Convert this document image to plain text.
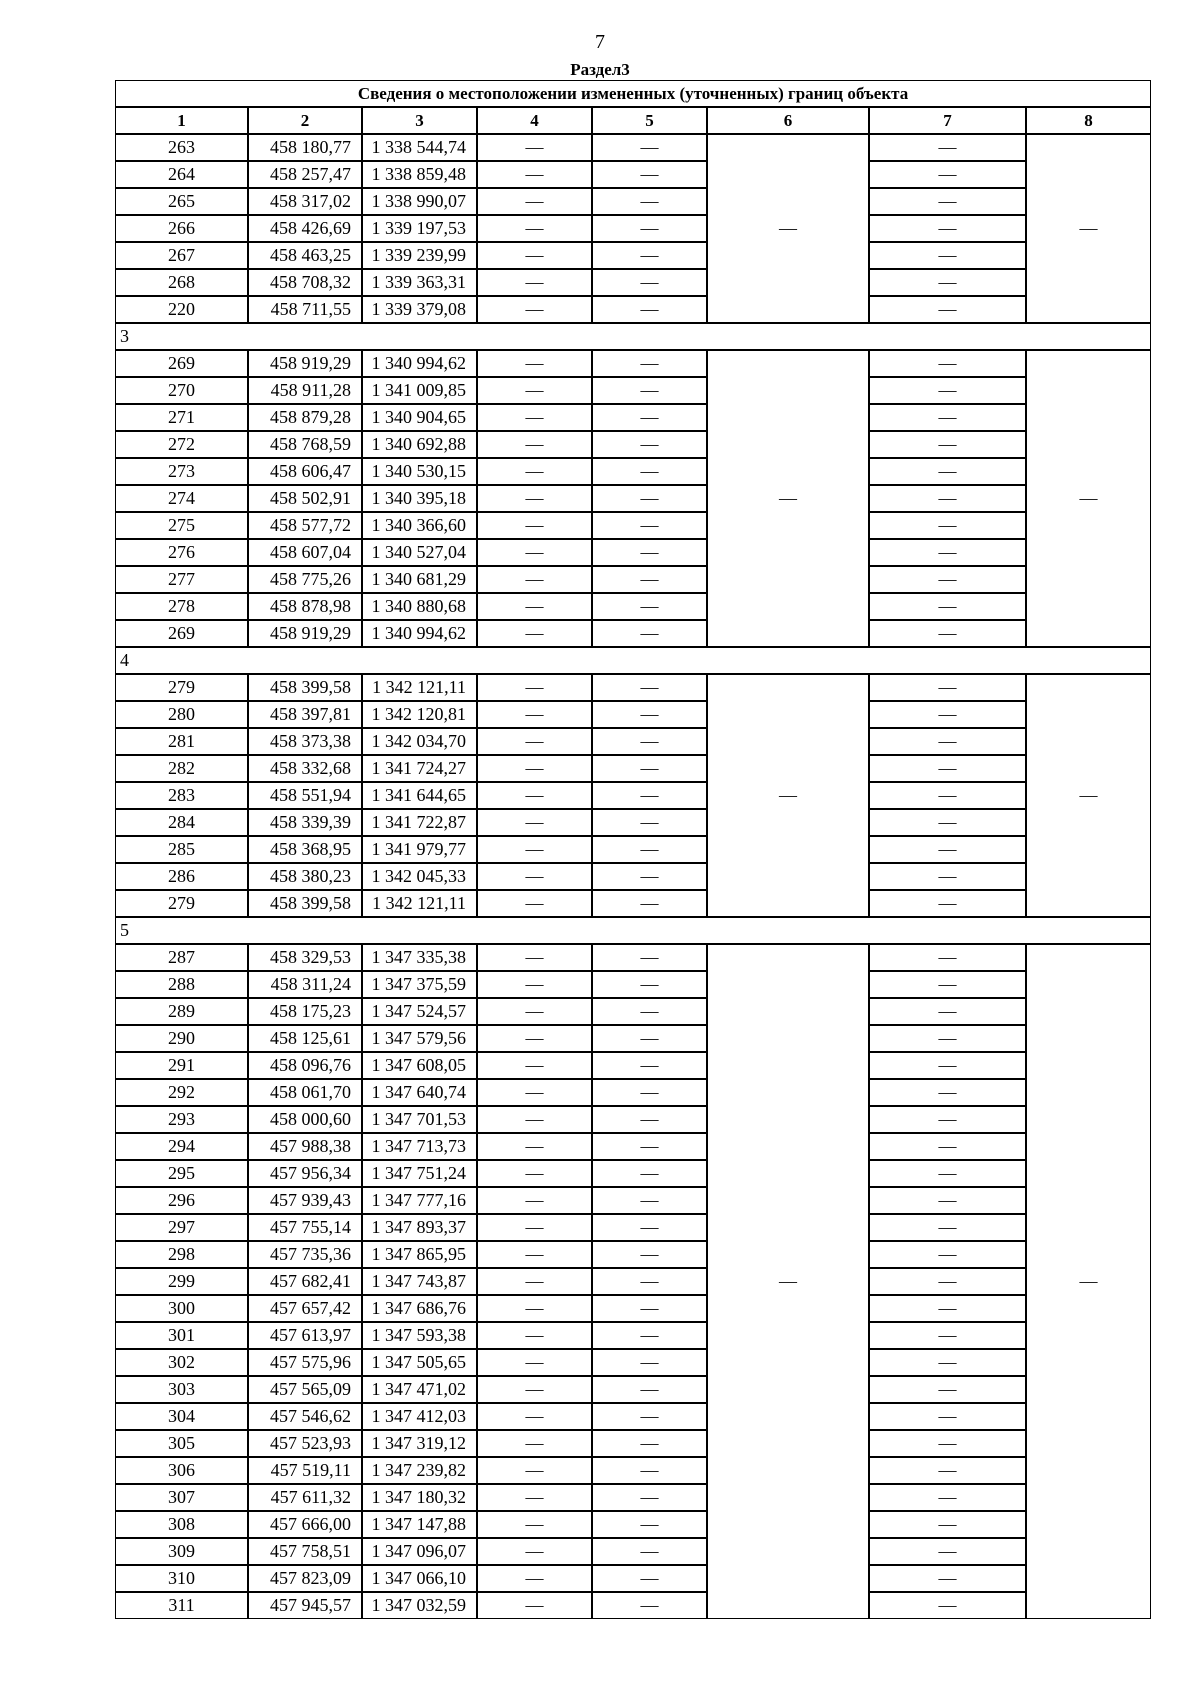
7
Раздел3
Сведения о местоположении измененных (уточненных) границ объекта							
1	2	3	4	5	6	7	8
263	458 180,77	1 338 544,74	—	—	—	—	—
264	458 257,47	1 338 859,48	—	—		—	
265	458 317,02	1 338 990,07	—	—		—	
266	458 426,69	1 339 197,53	—	—		—	
267	458 463,25	1 339 239,99	—	—		—	
268	458 708,32	1 339 363,31	—	—		—	
220	458 711,55	1 339 379,08	—	—		—	
3							
269	458 919,29	1 340 994,62	—	—	—	—	—
270	458 911,28	1 341 009,85	—	—		—	
271	458 879,28	1 340 904,65	—	—		—	
272	458 768,59	1 340 692,88	—	—		—	
273	458 606,47	1 340 530,15	—	—		—	
274	458 502,91	1 340 395,18	—	—		—	
275	458 577,72	1 340 366,60	—	—		—	
276	458 607,04	1 340 527,04	—	—		—	
277	458 775,26	1 340 681,29	—	—		—	
278	458 878,98	1 340 880,68	—	—		—	
269	458 919,29	1 340 994,62	—	—		—	
4							
279	458 399,58	1 342 121,11	—	—	—	—	—
280	458 397,81	1 342 120,81	—	—		—	
281	458 373,38	1 342 034,70	—	—		—	
282	458 332,68	1 341 724,27	—	—		—	
283	458 551,94	1 341 644,65	—	—		—	
284	458 339,39	1 341 722,87	—	—		—	
285	458 368,95	1 341 979,77	—	—		—	
286	458 380,23	1 342 045,33	—	—		—	
279	458 399,58	1 342 121,11	—	—		—	
5							
287	458 329,53	1 347 335,38	—	—	—	—	—
288	458 311,24	1 347 375,59	—	—		—	
289	458 175,23	1 347 524,57	—	—		—	
290	458 125,61	1 347 579,56	—	—		—	
291	458 096,76	1 347 608,05	—	—		—	
292	458 061,70	1 347 640,74	—	—		—	
293	458 000,60	1 347 701,53	—	—		—	
294	457 988,38	1 347 713,73	—	—		—	
295	457 956,34	1 347 751,24	—	—		—	
296	457 939,43	1 347 777,16	—	—		—	
297	457 755,14	1 347 893,37	—	—		—	
298	457 735,36	1 347 865,95	—	—		—	
299	457 682,41	1 347 743,87	—	—		—	
300	457 657,42	1 347 686,76	—	—		—	
301	457 613,97	1 347 593,38	—	—		—	
302	457 575,96	1 347 505,65	—	—		—	
303	457 565,09	1 347 471,02	—	—		—	
304	457 546,62	1 347 412,03	—	—		—	
305	457 523,93	1 347 319,12	—	—		—	
306	457 519,11	1 347 239,82	—	—		—	
307	457 611,32	1 347 180,32	—	—		—	
308	457 666,00	1 347 147,88	—	—		—	
309	457 758,51	1 347 096,07	—	—		—	
310	457 823,09	1 347 066,10	—	—		—	
311	457 945,57	1 347 032,59	—	—		—	
